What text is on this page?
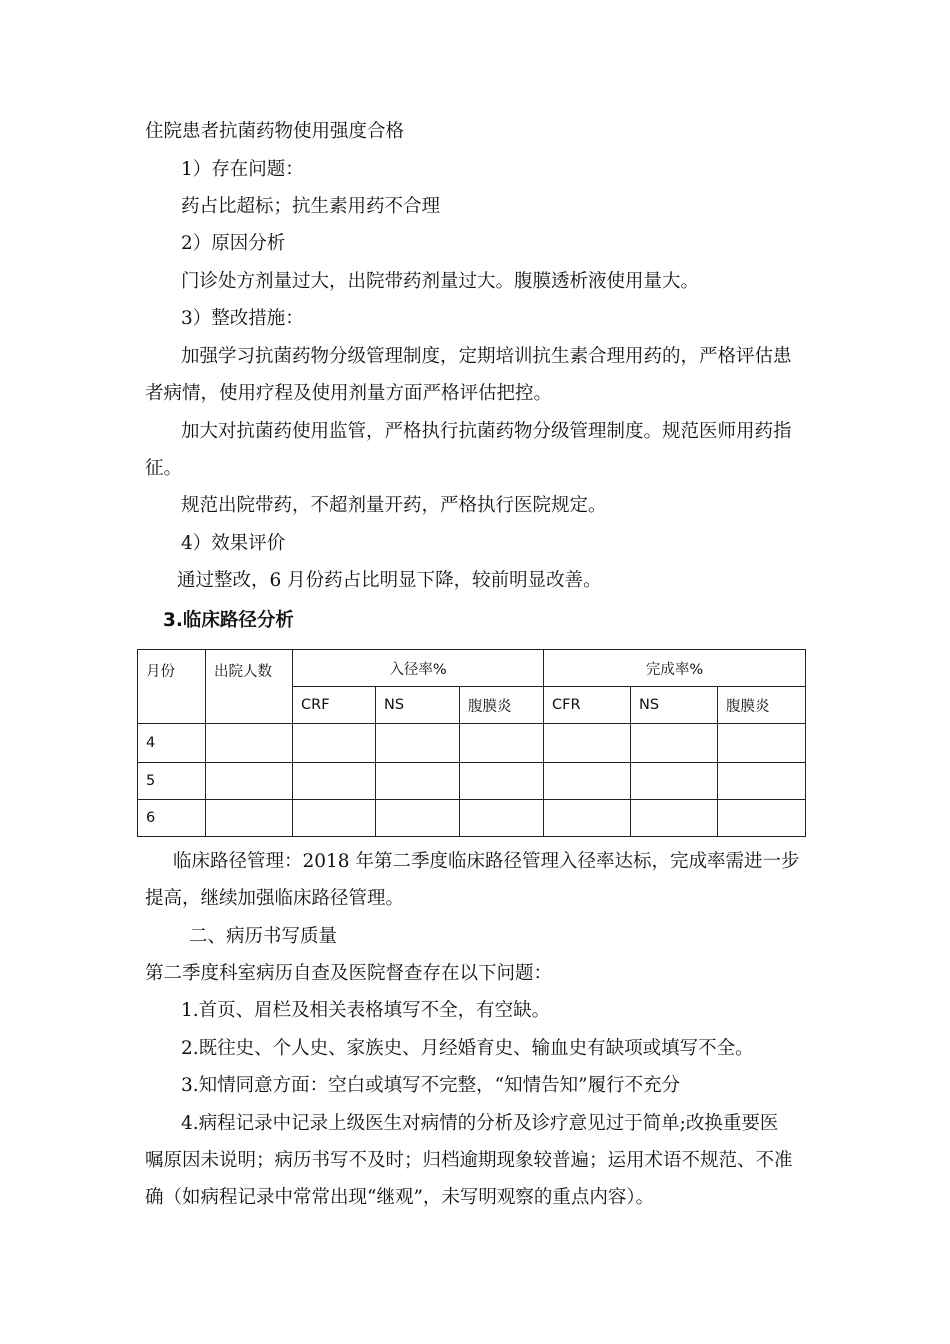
住院患者抗菌药物使用强度合格
1）存在问题：
药占比超标；抗生素用药不合理
2）原因分析
门诊处方剂量过大，出院带药剂量过大。腹膜透析液使用量大。
3）整改措施：
加强学习抗菌药物分级管理制度，定期培训抗生素合理用药的，严格评估患
者病情，使用疗程及使用剂量方面严格评估把控。
加大对抗菌药使用监管，严格执行抗菌药物分级管理制度。规范医师用药指
征。
规范出院带药，不超剂量开药，严格执行医院规定。
4）效果评价
通过整改，6 月份药占比明显下降，较前明显改善。
3.临床路径分析
月份	出院人数	入径率%			完成率%		
		CRF	NS	腹膜炎	CFR	NS	腹膜炎
4							
5							
6							
临床路径管理：2018 年第二季度临床路径管理入径率达标，完成率需进一步
提高，继续加强临床路径管理。
二、病历书写质量
第二季度科室病历自查及医院督查存在以下问题：
1.首页、眉栏及相关表格填写不全，有空缺。
2.既往史、个人史、家族史、月经婚育史、输血史有缺项或填写不全。
3.知情同意方面：空白或填写不完整，“知情告知”履行不充分
4.病程记录中记录上级医生对病情的分析及诊疗意见过于简单;改换重要医
嘱原因未说明；病历书写不及时；归档逾期现象较普遍；运用术语不规范、不准
确（如病程记录中常常出现“继观”，未写明观察的重点内容）。
